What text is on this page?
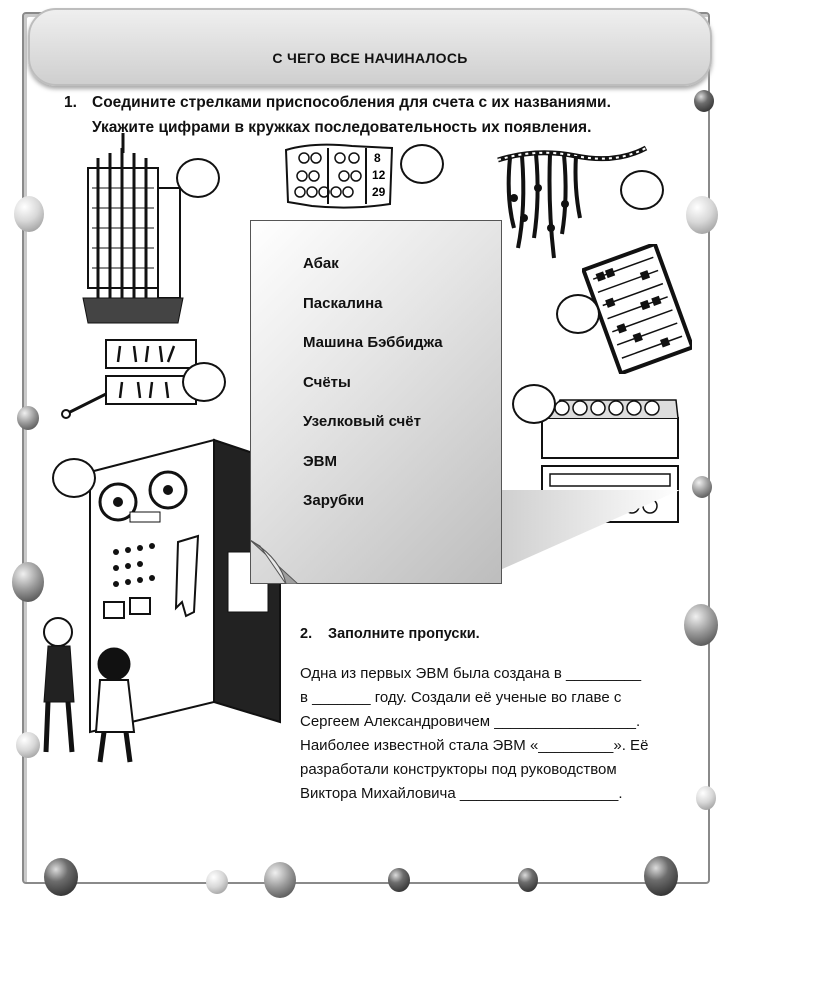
С ЧЕГО ВСЕ НАЧИНАЛОСЬ
1. Соедините стрелками приспособления для счета с их названиями.
Укажите цифрами в кружках последовательность их появления.
8
12
29
Абак
Паскалина
Машина Бэббиджа
Счёты
Узелковый счёт
ЭВМ
Зарубки
2. Заполните пропуски.
Одна из первых ЭВМ была создана в _________
в _______ году. Создали её ученые во главе с
Сергеем Александровичем _________________.
Наиболее известной стала ЭВМ «_________». Её
разработали конструкторы под руководством
Виктора Михайловича ___________________.
